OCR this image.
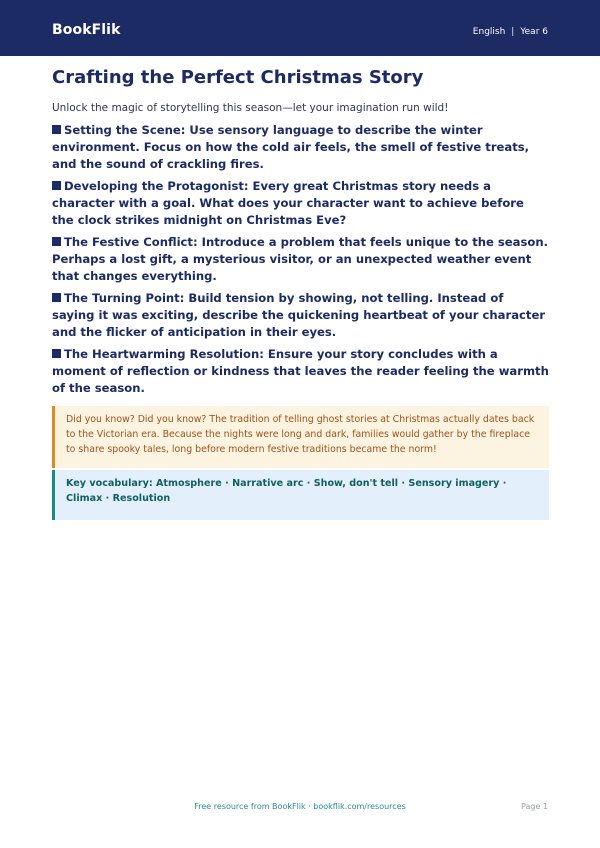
BookFlik	English | Year 6
Crafting the Perfect Christmas Story

Unlock the magic of storytelling this season—let your imagination run wild!

Setting the Scene: Use sensory language to describe the winter environment. Focus on how the cold air feels, the smell of festive treats, and the sound of crackling fires.
Developing the Protagonist: Every great Christmas story needs a character with a goal. What does your character want to achieve before the clock strikes midnight on Christmas Eve?
The Festive Conflict: Introduce a problem that feels unique to the season. Perhaps a lost gift, a mysterious visitor, or an unexpected weather event that changes everything.
The Turning Point: Build tension by showing, not telling. Instead of saying it was exciting, describe the quickening heartbeat of your character and the flicker of anticipation in their eyes.
The Heartwarming Resolution: Ensure your story concludes with a moment of reflection or kindness that leaves the reader feeling the warmth of the season.
Did you know? Did you know? The tradition of telling ghost stories at Christmas actually dates back to the Victorian era. Because the nights were long and dark, families would gather by the fireplace to share spooky tales, long before modern festive traditions became the norm!
Key vocabulary: Atmosphere · Narrative arc · Show, don't tell · Sensory imagery · Climax · Resolution
Free resource from BookFlik · bookflik.com/resources	Page 1
